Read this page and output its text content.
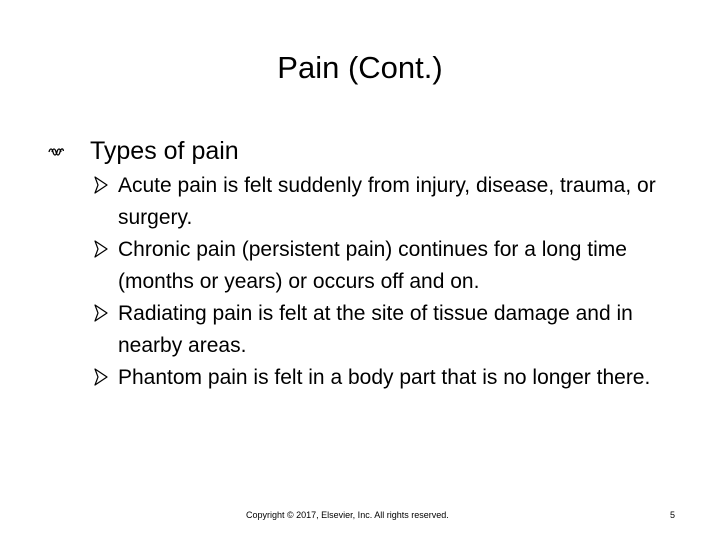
Pain (Cont.)
Types of pain
Acute pain is felt suddenly from injury, disease, trauma, or surgery.
Chronic pain (persistent pain) continues for a long time (months or years) or occurs off and on.
Radiating pain is felt at the site of tissue damage and in nearby areas.
Phantom pain is felt in a body part that is no longer there.
Copyright © 2017, Elsevier, Inc. All rights reserved.	5
